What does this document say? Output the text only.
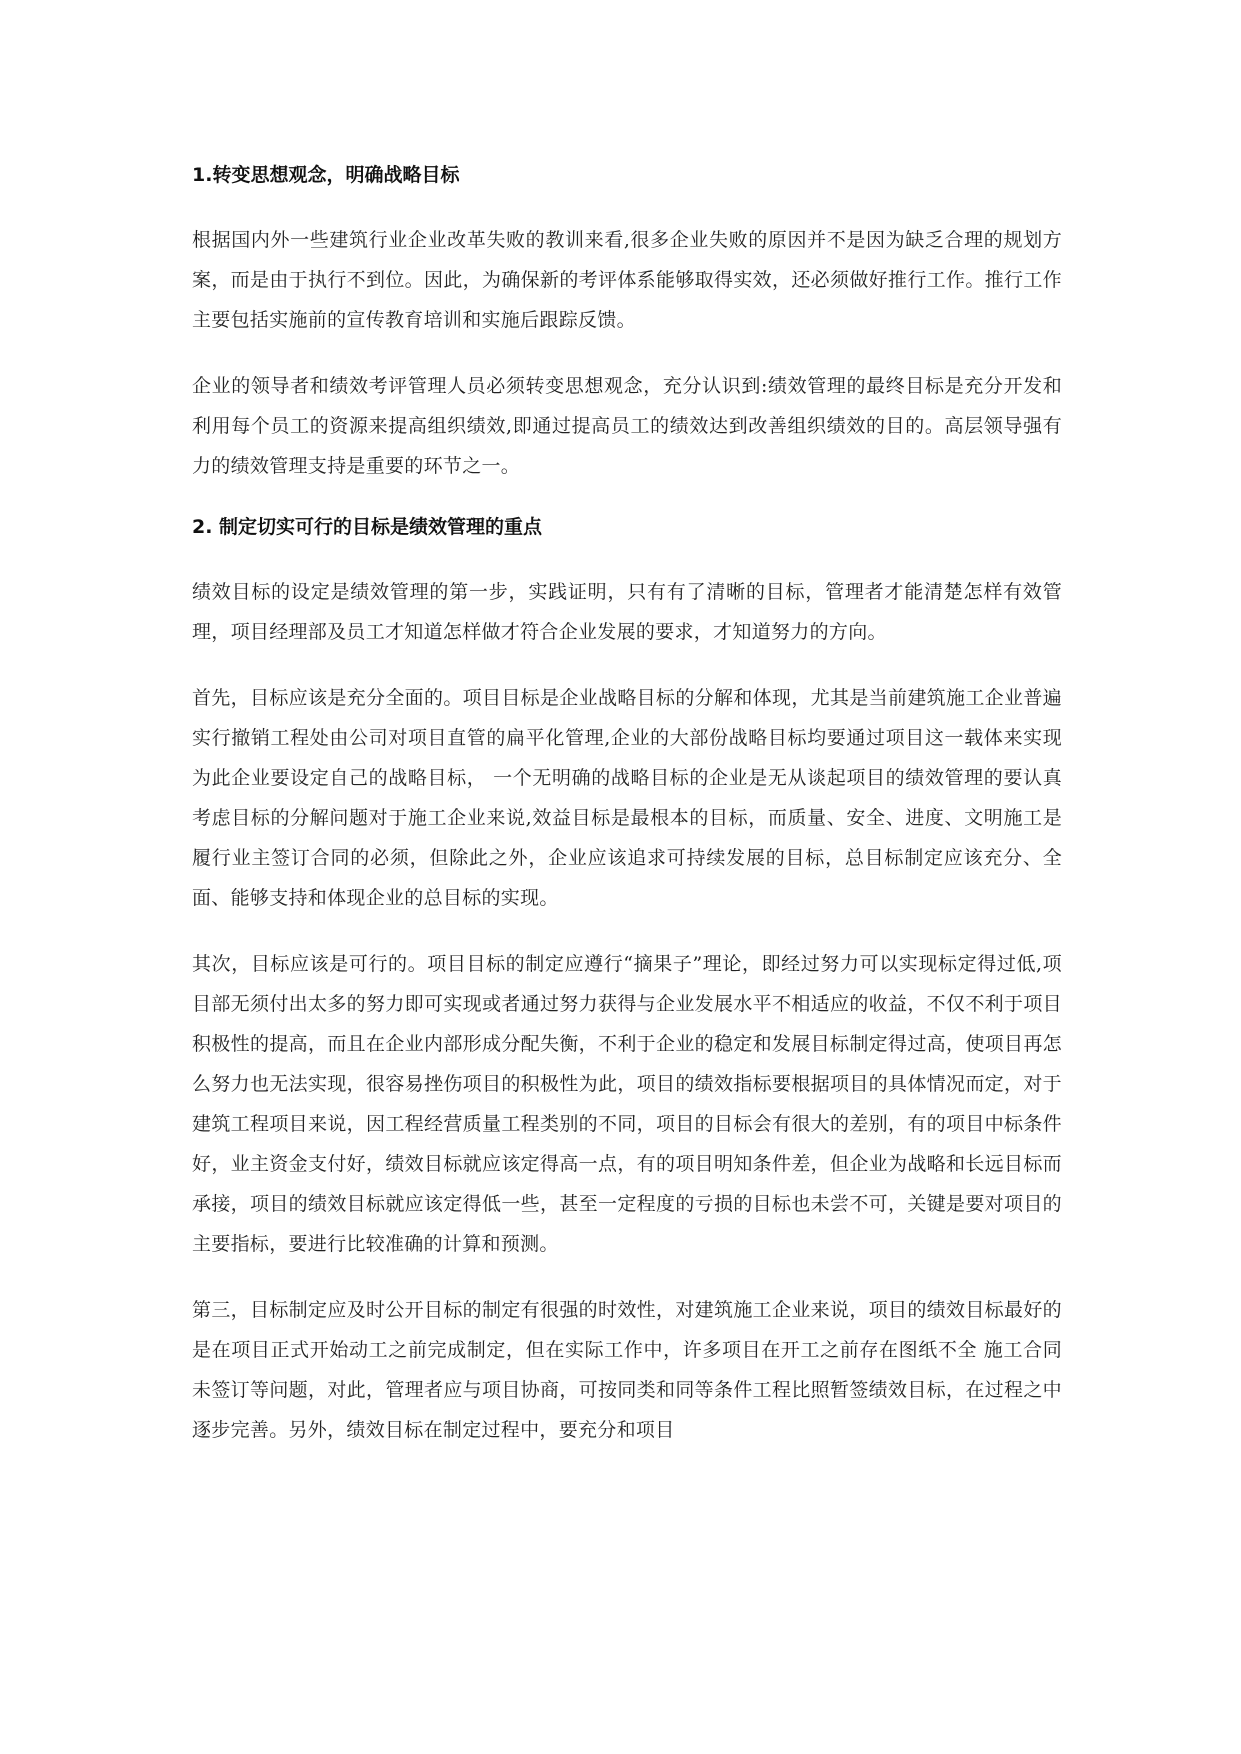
1.转变思想观念，明确战略目标

根据国内外一些建筑行业企业改革失败的教训来看,很多企业失败的原因并不是因为缺乏合理的规划方案，而是由于执行不到位。因此，为确保新的考评体系能够取得实效，还必须做好推行工作。推行工作主要包括实施前的宣传教育培训和实施后跟踪反馈。

企业的领导者和绩效考评管理人员必须转变思想观念，充分认识到:绩效管理的最终目标是充分开发和利用每个员工的资源来提高组织绩效,即通过提高员工的绩效达到改善组织绩效的目的。高层领导强有力的绩效管理支持是重要的环节之一。

2. 制定切实可行的目标是绩效管理的重点

绩效目标的设定是绩效管理的第一步，实践证明，只有有了清晰的目标，管理者才能清楚怎样有效管理，项目经理部及员工才知道怎样做才符合企业发展的要求，才知道努力的方向。

首先，目标应该是充分全面的。项目目标是企业战略目标的分解和体现，尤其是当前建筑施工企业普遍实行撤销工程处由公司对项目直管的扁平化管理,企业的大部份战略目标均要通过项目这一载体来实现 为此企业要设定自己的战略目标， 一个无明确的战略目标的企业是无从谈起项目的绩效管理的要认真考虑目标的分解问题对于施工企业来说,效益目标是最根本的目标，而质量、安全、进度、文明施工是履行业主签订合同的必须，但除此之外，企业应该追求可持续发展的目标，总目标制定应该充分、全面、能够支持和体现企业的总目标的实现。

其次，目标应该是可行的。项目目标的制定应遵行“摘果子”理论，即经过努力可以实现标定得过低,项目部无须付出太多的努力即可实现或者通过努力获得与企业发展水平不相适应的收益，不仅不利于项目积极性的提高，而且在企业内部形成分配失衡，不利于企业的稳定和发展目标制定得过高，使项目再怎么努力也无法实现，很容易挫伤项目的积极性为此，项目的绩效指标要根据项目的具体情况而定，对于建筑工程项目来说，因工程经营质量工程类别的不同，项目的目标会有很大的差别，有的项目中标条件好，业主资金支付好，绩效目标就应该定得高一点，有的项目明知条件差，但企业为战略和长远目标而承接，项目的绩效目标就应该定得低一些，甚至一定程度的亏损的目标也未尝不可，关键是要对项目的主要指标，要进行比较准确的计算和预测。

第三，目标制定应及时公开目标的制定有很强的时效性，对建筑施工企业来说，项目的绩效目标最好的是在项目正式开始动工之前完成制定，但在实际工作中，许多项目在开工之前存在图纸不全 施工合同未签订等问题，对此，管理者应与项目协商，可按同类和同等条件工程比照暂签绩效目标，在过程之中逐步完善。另外，绩效目标在制定过程中，要充分和项目
